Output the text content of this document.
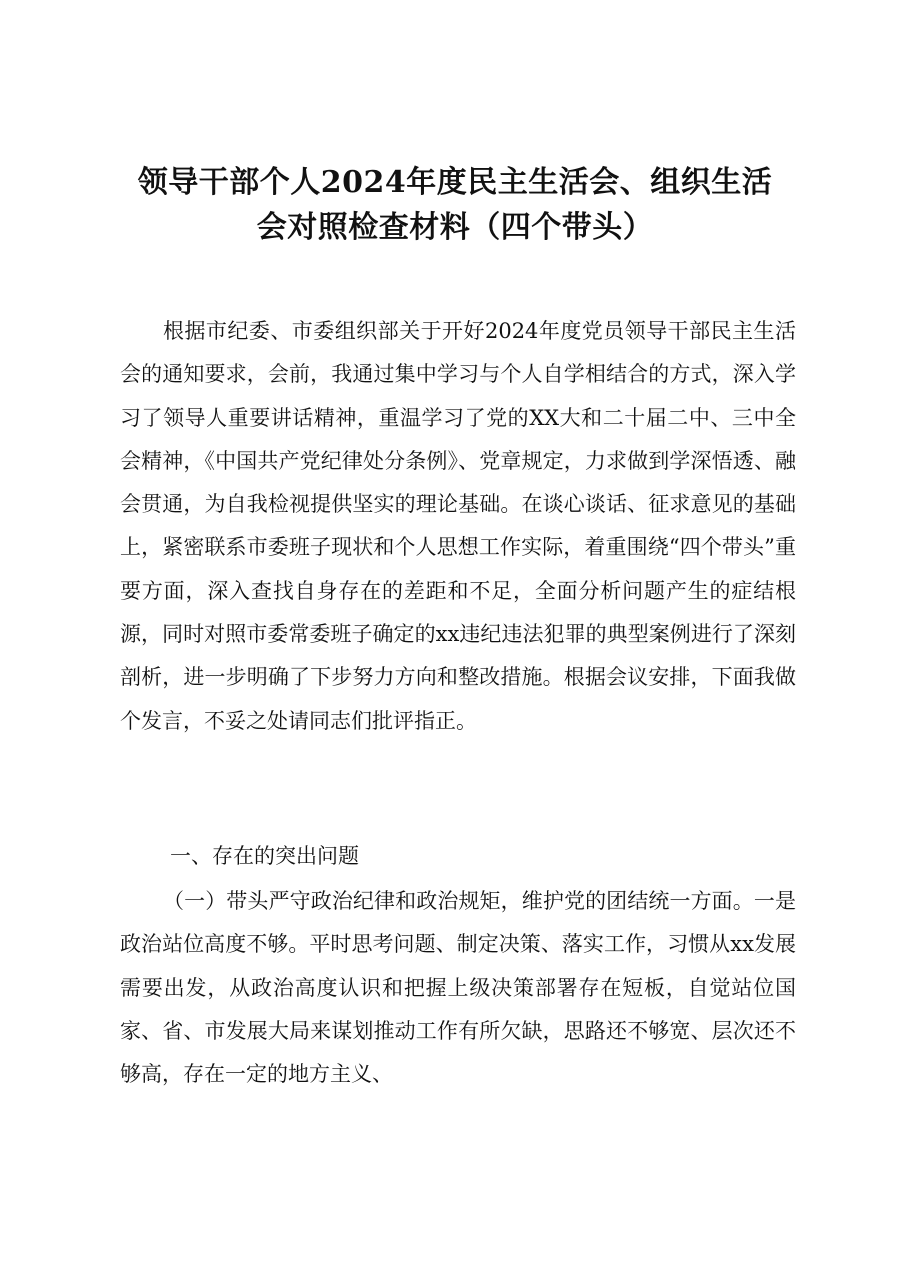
领导干部个人2024年度民主生活会、组织生活
会对照检查材料（四个带头）

根据市纪委、市委组织部关于开好2024年度党员领导干部民主生活会的通知要求，会前，我通过集中学习与个人自学相结合的方式，深入学习了领导人重要讲话精神，重温学习了党的XX大和二十届二中、三中全会精神，《中国共产党纪律处分条例》、党章规定，力求做到学深悟透、融会贯通，为自我检视提供坚实的理论基础。在谈心谈话、征求意见的基础上，紧密联系市委班子现状和个人思想工作实际，着重围绕“四个带头”重要方面，深入查找自身存在的差距和不足，全面分析问题产生的症结根源，同时对照市委常委班子确定的xx违纪违法犯罪的典型案例进行了深刻剖析，进一步明确了下步努力方向和整改措施。根据会议安排，下面我做个发言，不妥之处请同志们批评指正。

一、存在的突出问题

（一）带头严守政治纪律和政治规矩，维护党的团结统一方面。一是政治站位高度不够。平时思考问题、制定决策、落实工作，习惯从xx发展需要出发，从政治高度认识和把握上级决策部署存在短板，自觉站位国家、省、市发展大局来谋划推动工作有所欠缺，思路还不够宽、层次还不够高，存在一定的地方主义、
